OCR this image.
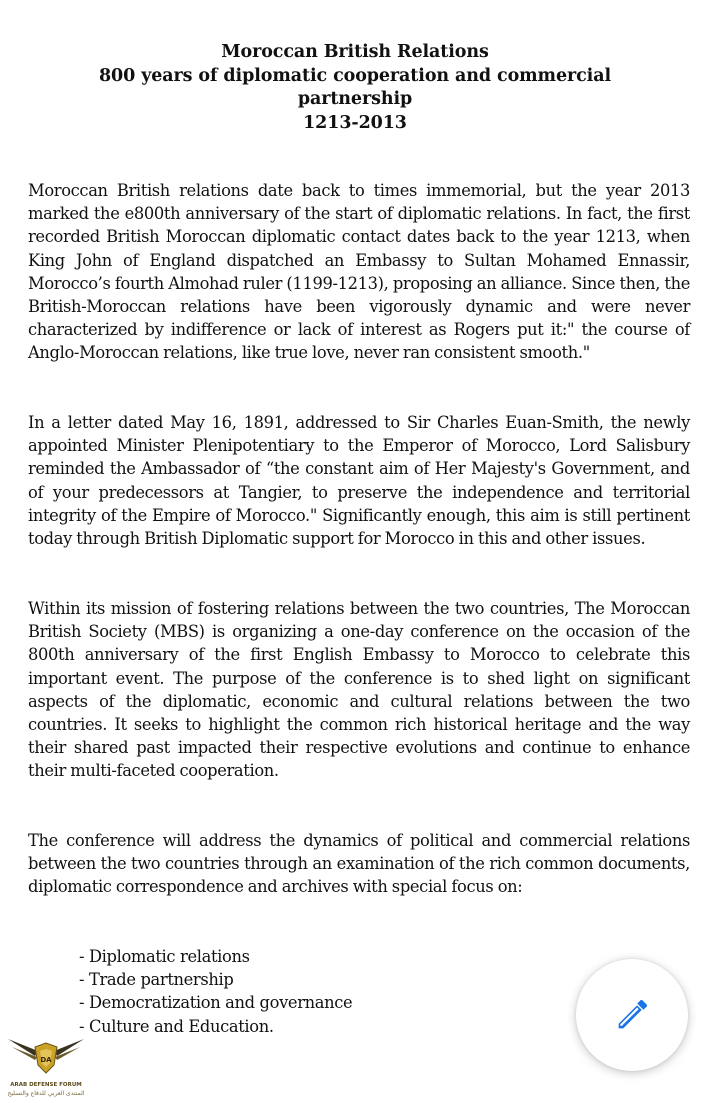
Moroccan British Relations
800 years of diplomatic cooperation and commercial
partnership
1213-2013

Moroccan British relations date back to times immemorial, but the year 2013 marked the e800th anniversary of the start of diplomatic relations. In fact, the first recorded British Moroccan diplomatic contact dates back to the year 1213, when King John of England dispatched an Embassy to Sultan Mohamed Ennassir, Morocco’s fourth Almohad ruler (1199-1213), proposing an alliance. Since then, the British-Moroccan relations have been vigorously dynamic and were never characterized by indifference or lack of interest as Rogers put it:" the course of Anglo-Moroccan relations, like true love, never ran consistent smooth."

In a letter dated May 16, 1891, addressed to Sir Charles Euan-Smith, the newly appointed Minister Plenipotentiary to the Emperor of Morocco, Lord Salisbury reminded the Ambassador of “the constant aim of Her Majesty's Government, and of your predecessors at Tangier, to preserve the independence and territorial integrity of the Empire of Morocco." Significantly enough, this aim is still pertinent today through British Diplomatic support for Morocco in this and other issues.

Within its mission of fostering relations between the two countries, The Moroccan British Society (MBS) is organizing a one-day conference on the occasion of the 800th anniversary of the first English Embassy to Morocco to celebrate this important event. The purpose of the conference is to shed light on significant aspects of the diplomatic, economic and cultural relations between the two countries. It seeks to highlight the common rich historical heritage and the way their shared past impacted their respective evolutions and continue to enhance their multi-faceted cooperation.

The conference will address the dynamics of political and commercial relations between the two countries through an examination of the rich common documents, diplomatic correspondence and archives with special focus on:

- Diplomatic relations
- Trade partnership
- Democratization and governance
- Culture and Education.
DA
ARAB DEFENSE FORUM
المنتدى العربي للدفاع والتسليح
